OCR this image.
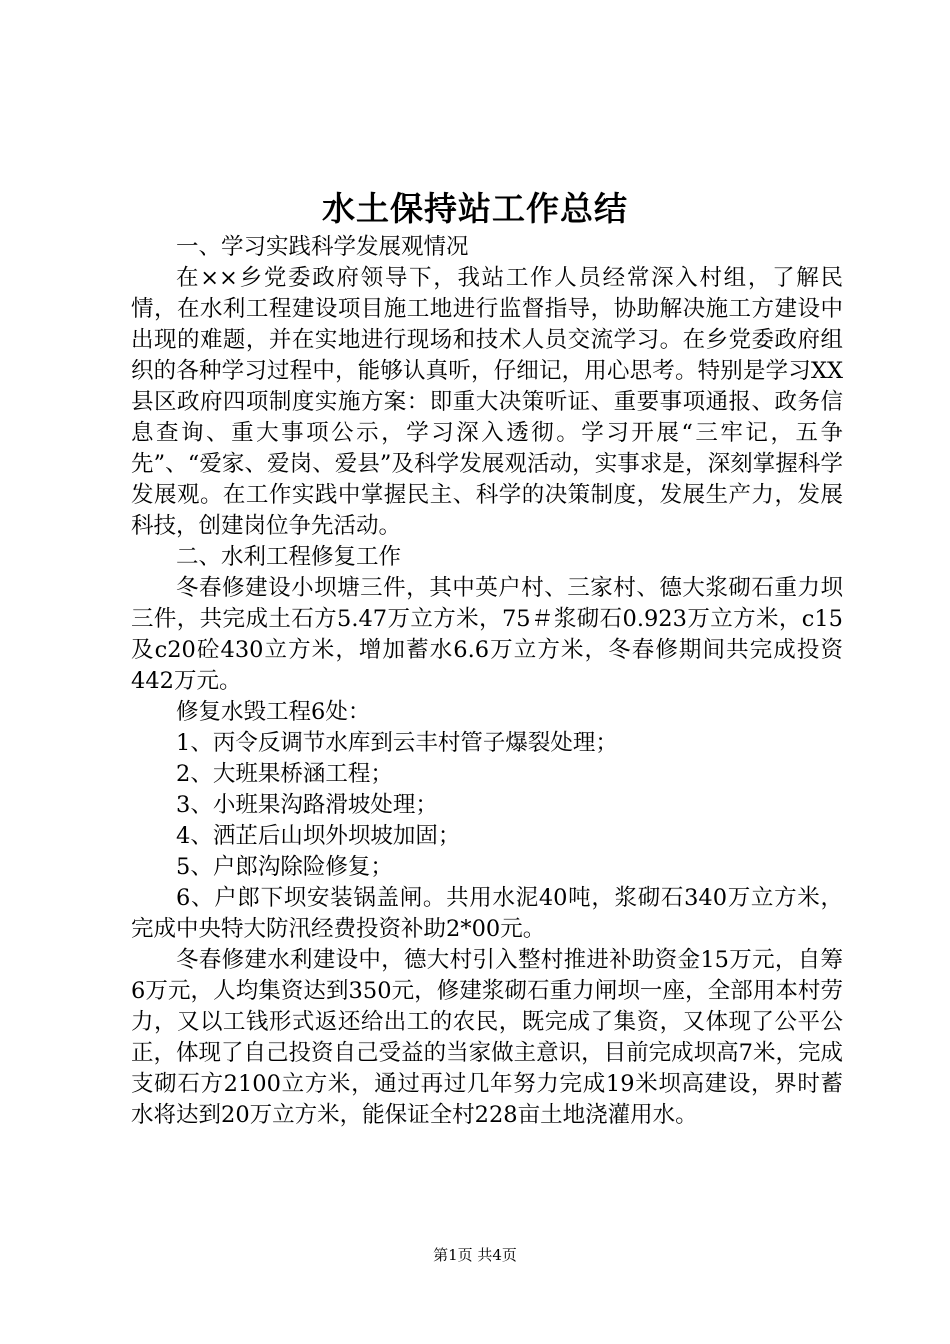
水土保持站工作总结

一、学习实践科学发展观情况

在××乡党委政府领导下，我站工作人员经常深入村组，了解民情，在水利工程建设项目施工地进行监督指导，协助解决施工方建设中出现的难题，并在实地进行现场和技术人员交流学习。在乡党委政府组织的各种学习过程中，能够认真听，仔细记，用心思考。特别是学习XX县区政府四项制度实施方案：即重大决策听证、重要事项通报、政务信息查询、重大事项公示，学习深入透彻。学习开展“三牢记，五争先”、“爱家、爱岗、爱县”及科学发展观活动，实事求是，深刻掌握科学发展观。在工作实践中掌握民主、科学的决策制度，发展生产力，发展科技，创建岗位争先活动。

二、水利工程修复工作

冬春修建设小坝塘三件，其中英户村、三家村、德大浆砌石重力坝三件，共完成土石方5.47万立方米，75＃浆砌石0.923万立方米，c15及c20砼430立方米，增加蓄水6.6万立方米，冬春修期间共完成投资442万元。

修复水毁工程6处：

1、丙令反调节水库到云丰村管子爆裂处理；

2、大班果桥涵工程；

3、小班果沟路滑坡处理；

4、洒芷后山坝外坝坡加固；

5、户郎沟除险修复；

6、户郎下坝安装锅盖闸。共用水泥40吨，浆砌石340万立方米，完成中央特大防汛经费投资补助2*00元。

冬春修建水利建设中，德大村引入整村推进补助资金15万元，自筹6万元，人均集资达到350元，修建浆砌石重力闸坝一座，全部用本村劳力，又以工钱形式返还给出工的农民，既完成了集资，又体现了公平公正，体现了自己投资自己受益的当家做主意识，目前完成坝高7米，完成支砌石方2100立方米，通过再过几年努力完成19米坝高建设，界时蓄水将达到20万立方米，能保证全村228亩土地浇灌用水。

第1页 共4页
